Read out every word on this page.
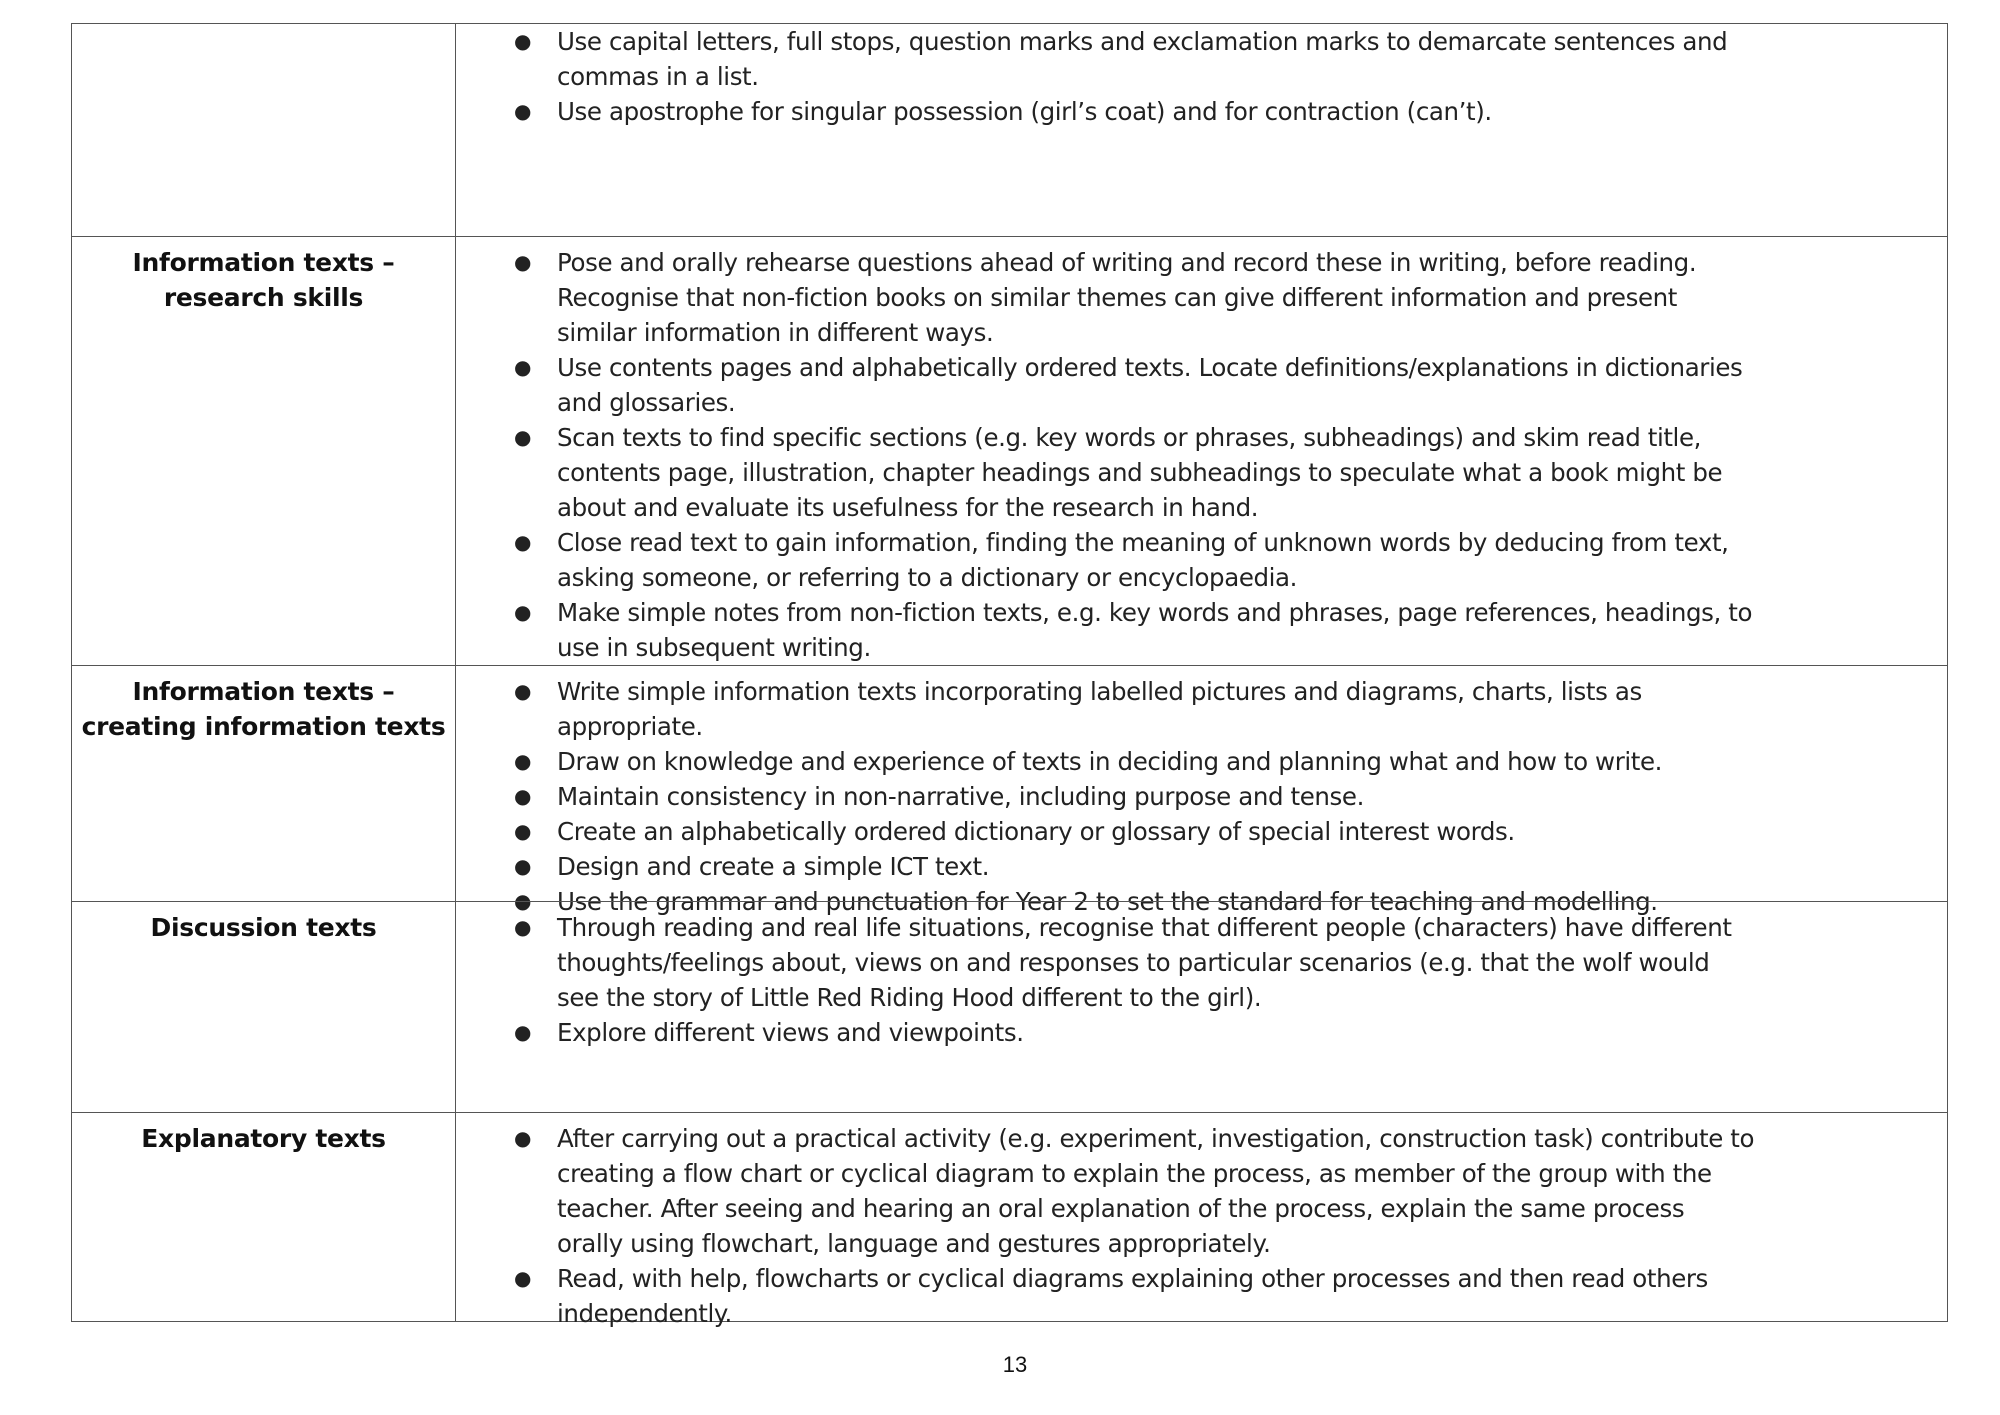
● Use capital letters, full stops, question marks and exclamation marks to demarcate sentences and
commas in a list.
● Use apostrophe for singular possession (girl’s coat) and for contraction (can’t).
Information texts –
research skills
● Pose and orally rehearse questions ahead of writing and record these in writing, before reading.
Recognise that non-fiction books on similar themes can give different information and present
similar information in different ways.
● Use contents pages and alphabetically ordered texts. Locate definitions/explanations in dictionaries
and glossaries.
● Scan texts to find specific sections (e.g. key words or phrases, subheadings) and skim read title,
contents page, illustration, chapter headings and subheadings to speculate what a book might be
about and evaluate its usefulness for the research in hand.
● Close read text to gain information, finding the meaning of unknown words by deducing from text,
asking someone, or referring to a dictionary or encyclopaedia.
● Make simple notes from non-fiction texts, e.g. key words and phrases, page references, headings, to
use in subsequent writing.
Information texts –
creating information texts
● Write simple information texts incorporating labelled pictures and diagrams, charts, lists as
appropriate.
● Draw on knowledge and experience of texts in deciding and planning what and how to write.
● Maintain consistency in non-narrative, including purpose and tense.
● Create an alphabetically ordered dictionary or glossary of special interest words.
● Design and create a simple ICT text.
● Use the grammar and punctuation for Year 2 to set the standard for teaching and modelling.
Discussion texts	● Through reading and real life situations, recognise that different people (characters) have different
thoughts/feelings about, views on and responses to particular scenarios (e.g. that the wolf would
see the story of Little Red Riding Hood different to the girl).
● Explore different views and viewpoints.
Explanatory texts	● After carrying out a practical activity (e.g. experiment, investigation, construction task) contribute to
creating a flow chart or cyclical diagram to explain the process, as member of the group with the
teacher. After seeing and hearing an oral explanation of the process, explain the same process
orally using flowchart, language and gestures appropriately.
● Read, with help, flowcharts or cyclical diagrams explaining other processes and then read others
independently.
13
